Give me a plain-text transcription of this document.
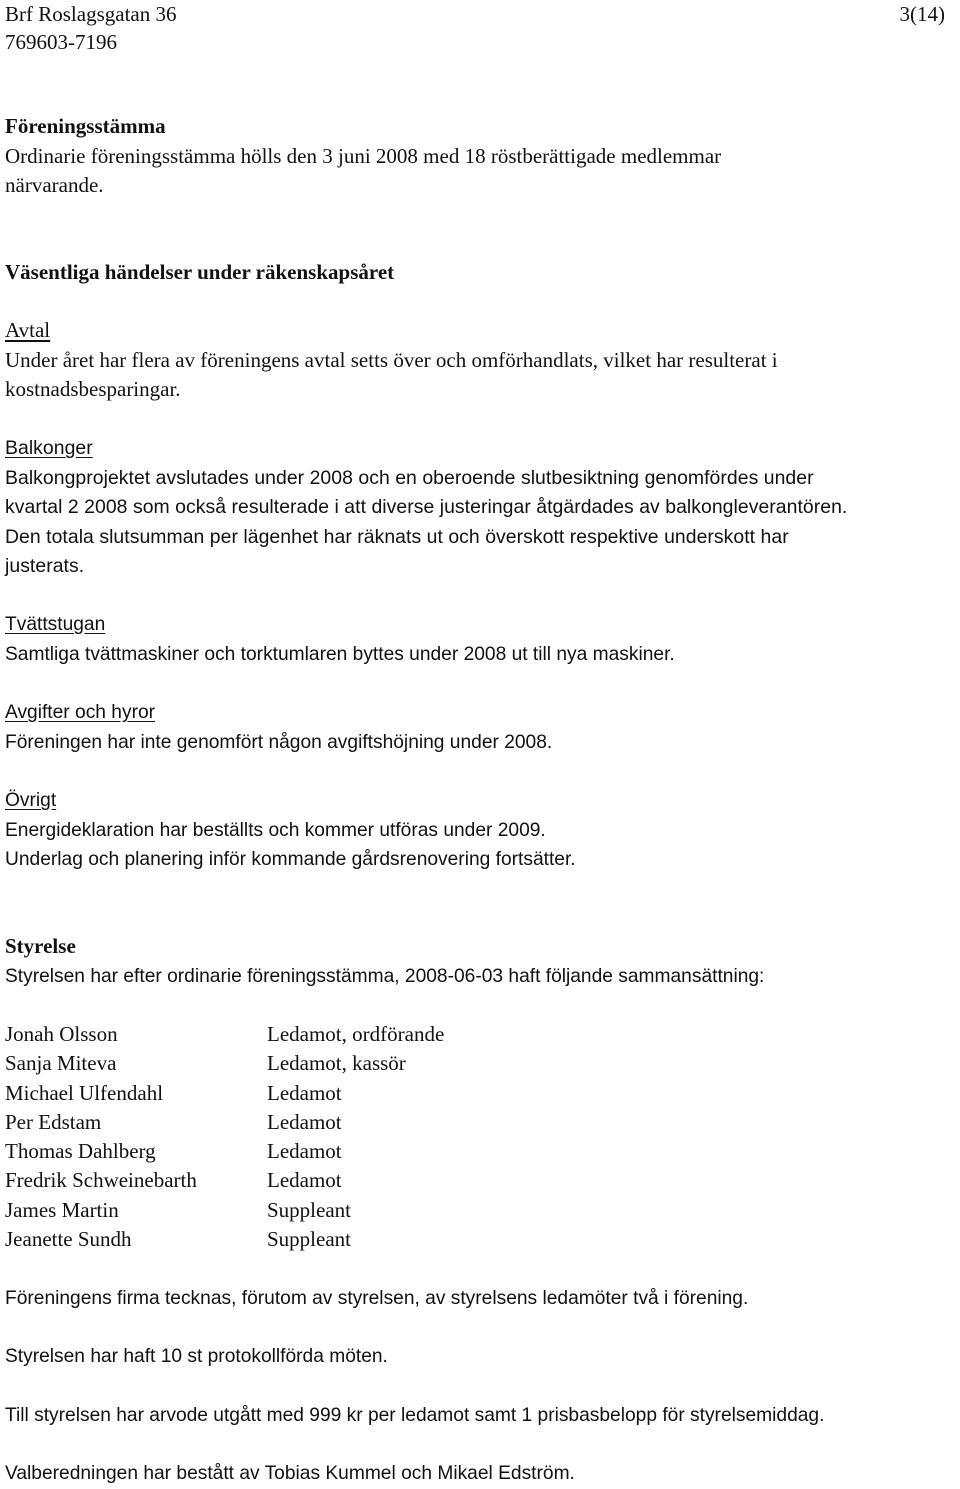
Brf Roslagsgatan 36
769603-7196
3(14)

Föreningsstämma

Ordinarie föreningsstämma hölls den 3 juni 2008 med 18 röstberättigade medlemmar

närvarande.

Väsentliga händelser under räkenskapsåret

Avtal

Under året har flera av föreningens avtal setts över och omförhandlats, vilket har resulterat i

kostnadsbesparingar.

Balkonger

Balkongprojektet avslutades under 2008 och en oberoende slutbesiktning genomfördes under

kvartal 2 2008 som också resulterade i att diverse justeringar åtgärdades av balkongleverantören.

Den totala slutsumman per lägenhet har räknats ut och överskott respektive underskott har

justerats.

Tvättstugan

Samtliga tvättmaskiner och torktumlaren byttes under 2008 ut till nya maskiner.

Avgifter och hyror

Föreningen har inte genomfört någon avgiftshöjning under 2008.

Övrigt

Energideklaration har beställts och kommer utföras under 2009.

Underlag och planering inför kommande gårdsrenovering fortsätter.

Styrelse

Styrelsen har efter ordinarie föreningsstämma, 2008-06-03 haft följande sammansättning:

Jonah Olsson	Ledamot, ordförande
Sanja Miteva	Ledamot, kassör
Michael Ulfendahl	Ledamot
Per Edstam	Ledamot
Thomas Dahlberg	Ledamot
Fredrik Schweinebarth	Ledamot
James Martin	Suppleant
Jeanette Sundh	Suppleant

Föreningens firma tecknas, förutom av styrelsen, av styrelsens ledamöter två i förening.

Styrelsen har haft 10 st protokollförda möten.

Till styrelsen har arvode utgått med 999 kr per ledamot samt 1 prisbasbelopp för styrelsemiddag.

Valberedningen har bestått av Tobias Kummel och Mikael Edström.
